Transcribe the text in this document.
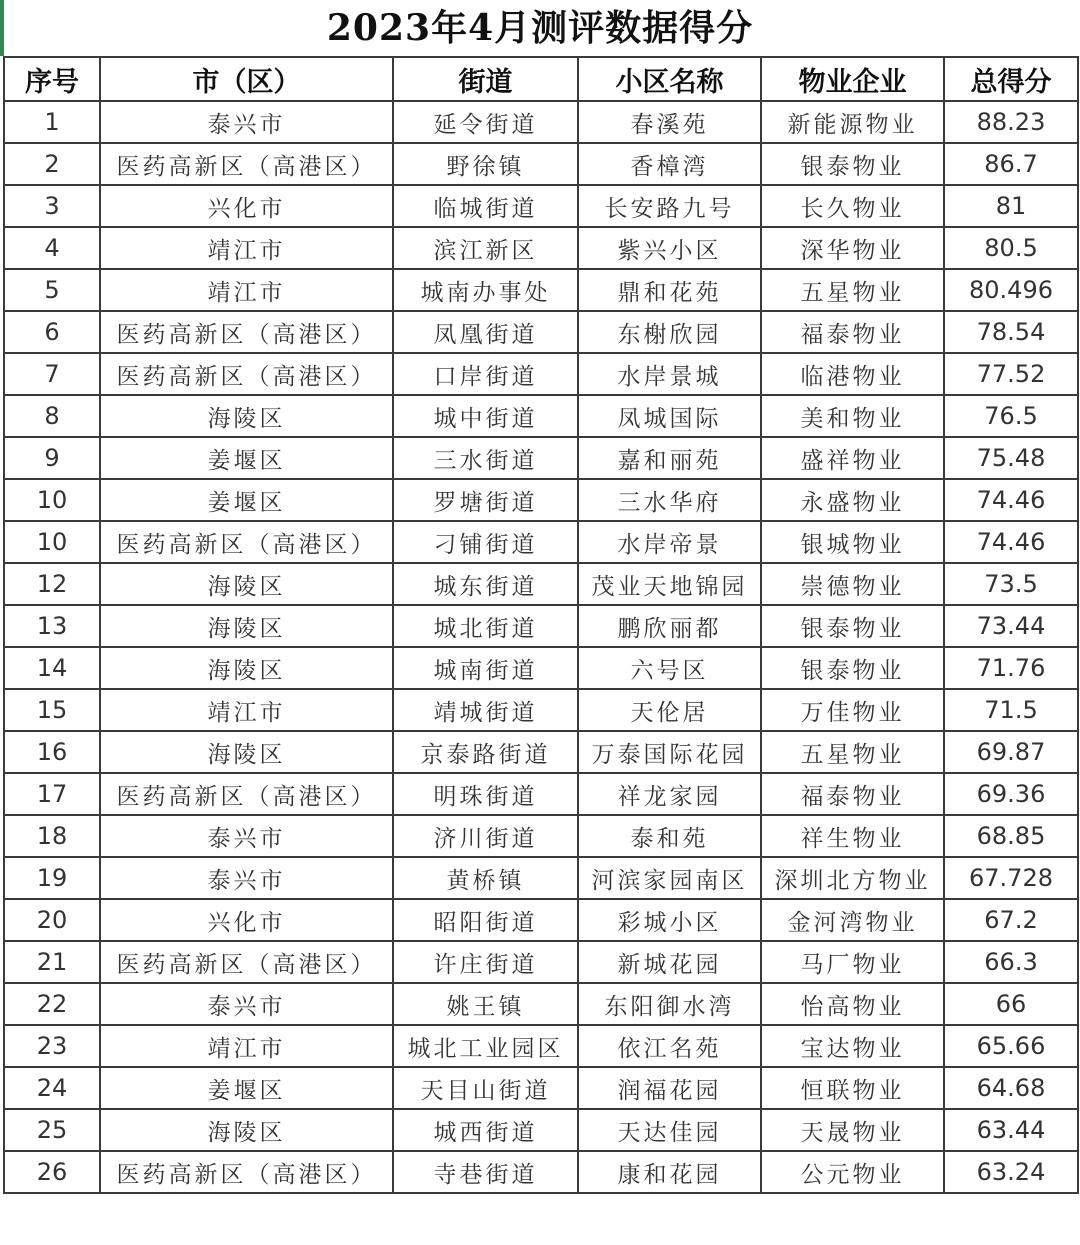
2023年4月测评数据得分
序号	市（区）	街道	小区名称	物业企业	总得分
1	泰兴市	延令街道	春溪苑	新能源物业	88.23
2	医药高新区（高港区）	野徐镇	香樟湾	银泰物业	86.7
3	兴化市	临城街道	长安路九号	长久物业	81
4	靖江市	滨江新区	紫兴小区	深华物业	80.5
5	靖江市	城南办事处	鼎和花苑	五星物业	80.496
6	医药高新区（高港区）	凤凰街道	东榭欣园	福泰物业	78.54
7	医药高新区（高港区）	口岸街道	水岸景城	临港物业	77.52
8	海陵区	城中街道	凤城国际	美和物业	76.5
9	姜堰区	三水街道	嘉和丽苑	盛祥物业	75.48
10	姜堰区	罗塘街道	三水华府	永盛物业	74.46
10	医药高新区（高港区）	刁铺街道	水岸帝景	银城物业	74.46
12	海陵区	城东街道	茂业天地锦园	崇德物业	73.5
13	海陵区	城北街道	鹏欣丽都	银泰物业	73.44
14	海陵区	城南街道	六号区	银泰物业	71.76
15	靖江市	靖城街道	天伦居	万佳物业	71.5
16	海陵区	京泰路街道	万泰国际花园	五星物业	69.87
17	医药高新区（高港区）	明珠街道	祥龙家园	福泰物业	69.36
18	泰兴市	济川街道	泰和苑	祥生物业	68.85
19	泰兴市	黄桥镇	河滨家园南区	深圳北方物业	67.728
20	兴化市	昭阳街道	彩城小区	金河湾物业	67.2
21	医药高新区（高港区）	许庄街道	新城花园	马厂物业	66.3
22	泰兴市	姚王镇	东阳御水湾	怡高物业	66
23	靖江市	城北工业园区	依江名苑	宝达物业	65.66
24	姜堰区	天目山街道	润福花园	恒联物业	64.68
25	海陵区	城西街道	天达佳园	天晟物业	63.44
26	医药高新区（高港区）	寺巷街道	康和花园	公元物业	63.24
